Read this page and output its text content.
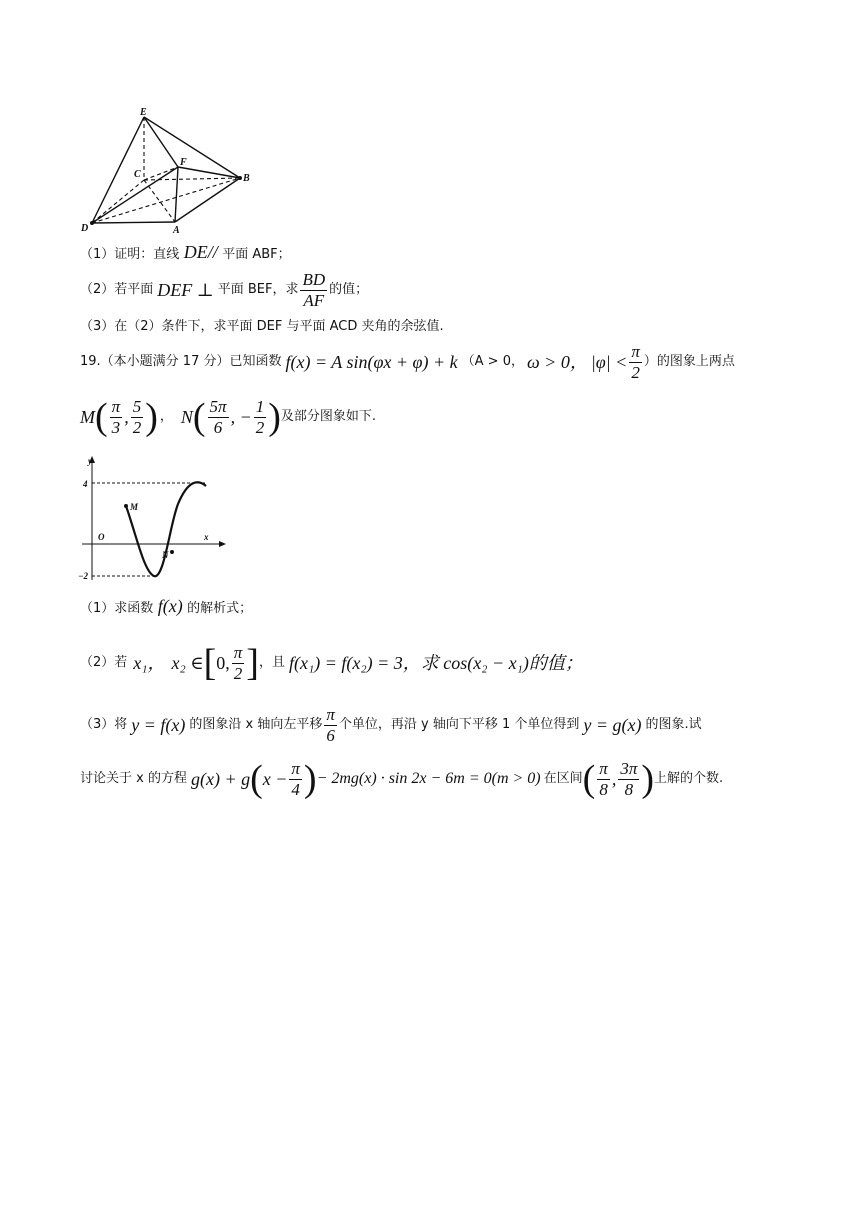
E
F
C	B
D	A
（1）证明：直线 DE// 平面 ABF；
（2）若平面 DEF ⊥ 平面 BEF，求 $\frac{BD}{AF}$ 的值；
（3）在（2）条件下，求平面 DEF 与平面 ACD 夹角的余弦值.
19.（本小题满分 17 分）已知函数 f(x) = A sin(φx + φ) + k （A > 0， ω > 0， $|\varphi| < \frac{\pi}{2}$ ）的图象上两点
M ( $\frac{\pi}{3}$ , $\frac{5}{2}$ ) ， N ( $\frac{5\pi}{6}$ , − $\frac{1}{2}$ ) 及部分图象如下.
y
x
O
4
−2
M
N
（1）求函数 f(x) 的解析式；
（2）若 x₁， x₂ ∈ [ 0, $\frac{\pi}{2}$ ] ，且 f(x₁) = f(x₂) = 3，求 cos(x₂ − x₁)的值；
（3）将 y = f(x) 的图象沿 x 轴向左平移 $\frac{\pi}{6}$ 个单位，再沿 y 轴向下平移 1 个单位得到 y = g(x) 的图象.试
讨论关于 x 的方程 g(x) + g ( $x - \frac{\pi}{4}$ ) − 2mg(x) · sin 2x − 6m = 0(m > 0) 在区间 ( $\frac{\pi}{8}$ , $\frac{3\pi}{8}$ ) 上解的个数.
